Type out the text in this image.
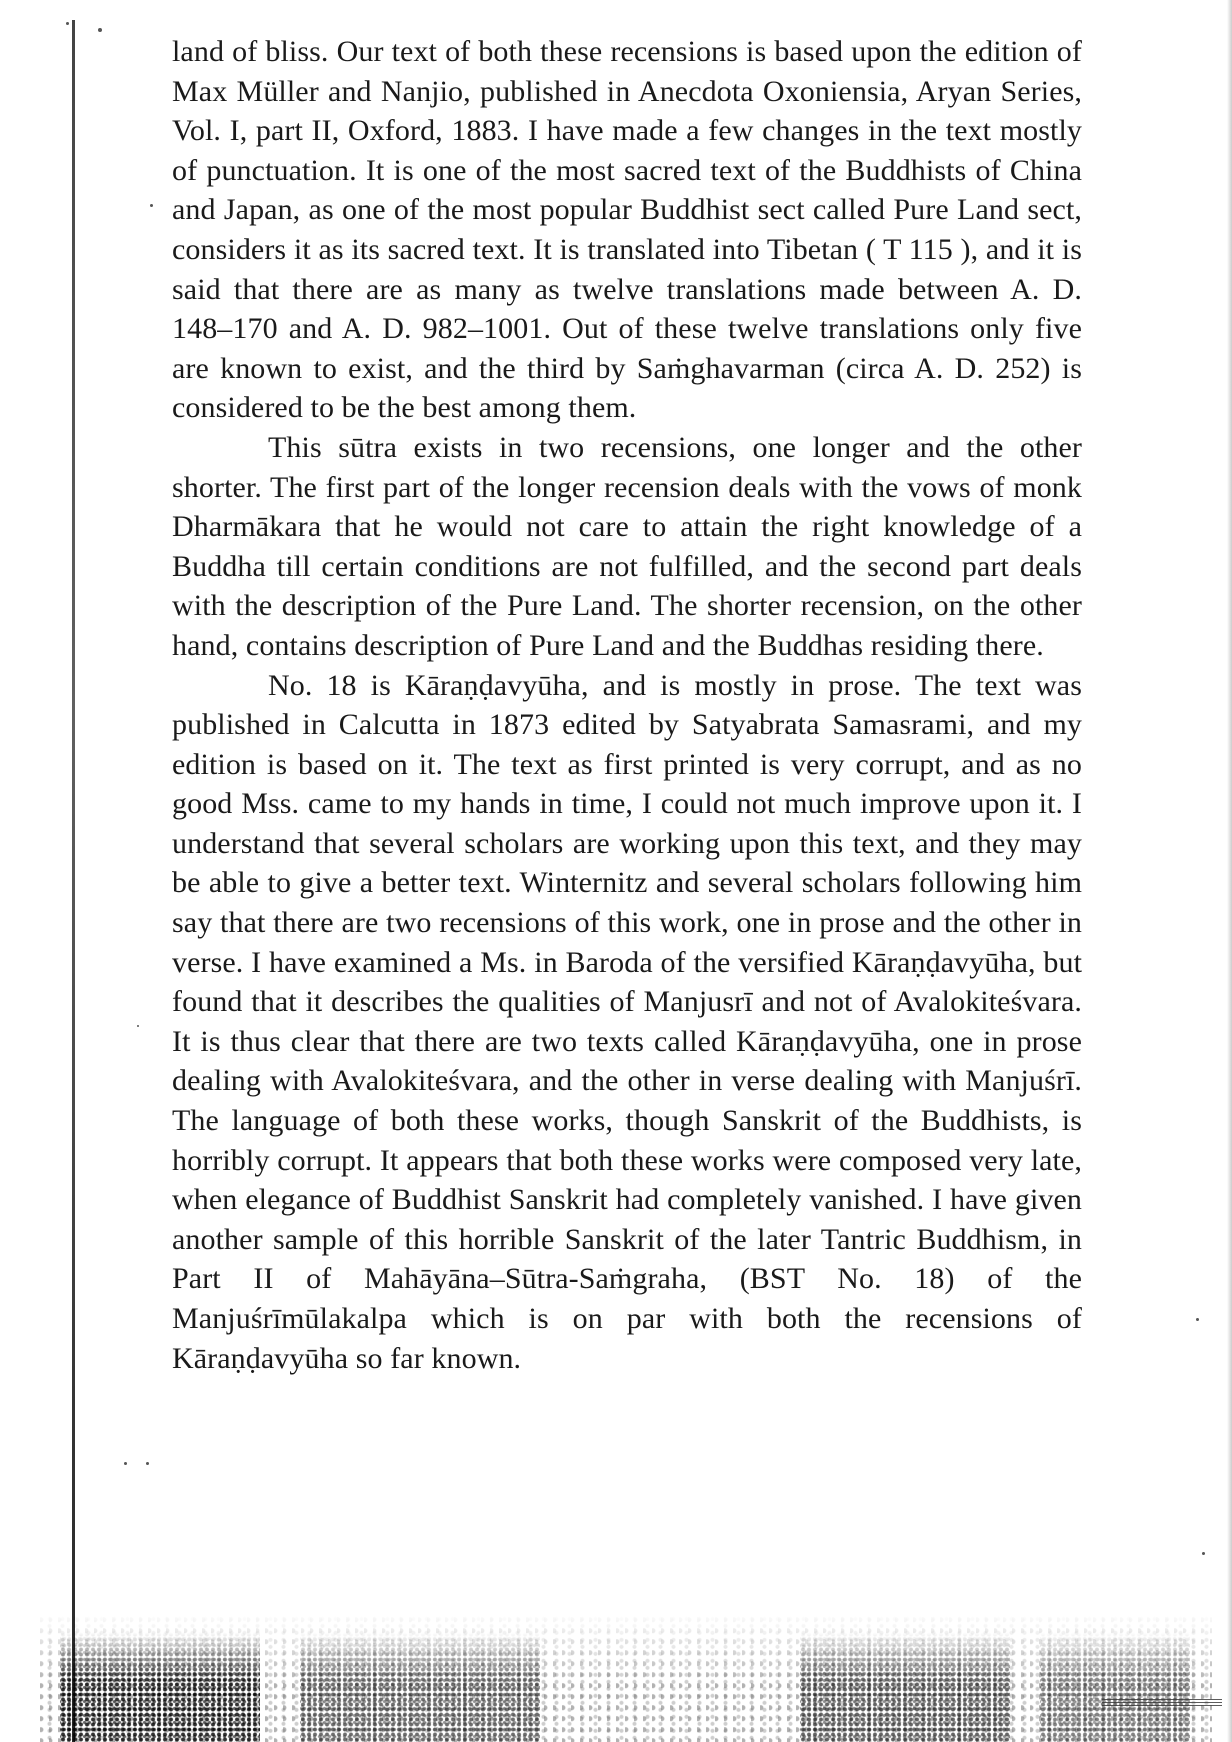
land of bliss. Our text of both these recensions is based upon the edition of Max Müller and Nanjio, published in Anecdota Oxoniensia, Aryan Series, Vol. I, part II, Oxford, 1883. I have made a few changes in the text mostly of punctuation. It is one of the most sacred text of the Buddhists of China and Japan, as one of the most popular Buddhist sect called Pure Land sect, considers it as its sacred text. It is translated into Tibetan ( T 115 ), and it is said that there are as many as twelve translations made between A. D. 148–170 and A. D. 982–1001. Out of these twelve translations only five are known to exist, and the third by Saṁghavarman (circa A. D. 252) is considered to be the best among them.

This sūtra exists in two recensions, one longer and the other shorter. The first part of the longer recension deals with the vows of monk Dharmākara that he would not care to attain the right knowledge of a Buddha till certain conditions are not fulfilled, and the second part deals with the description of the Pure Land. The shorter recension, on the other hand, contains description of Pure Land and the Buddhas residing there.

No. 18 is Kāraṇḍavyūha, and is mostly in prose. The text was published in Calcutta in 1873 edited by Satyabrata Samasrami, and my edition is based on it. The text as first printed is very corrupt, and as no good Mss. came to my hands in time, I could not much improve upon it. I understand that several scholars are working upon this text, and they may be able to give a better text. Winternitz and several scholars following him say that there are two recensions of this work, one in prose and the other in verse. I have examined a Ms. in Baroda of the versified Kāraṇḍavyūha, but found that it describes the qualities of Manjusrī and not of Avalokiteśvara. It is thus clear that there are two texts called Kāraṇḍavyūha, one in prose dealing with Avalokiteśvara, and the other in verse dealing with Manjuśrī. The language of both these works, though Sanskrit of the Buddhists, is horribly corrupt. It appears that both these works were composed very late, when elegance of Buddhist Sanskrit had completely vanished. I have given another sample of this horrible Sanskrit of the later Tantric Buddhism, in Part II of Mahāyāna–Sūtra-Saṁgraha, (BST No. 18) of the Manjuśrīmūlakalpa which is on par with both the recensions of Kāraṇḍavyūha so far known.
